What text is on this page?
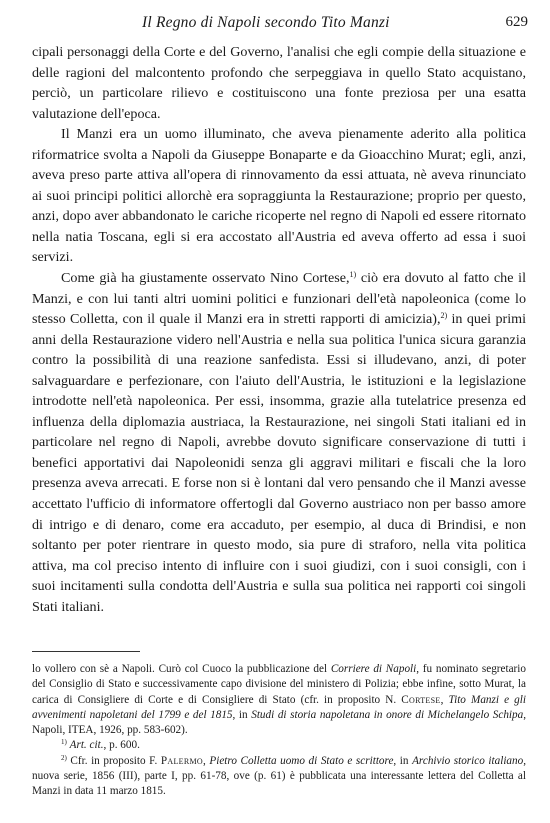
Il Regno di Napoli secondo Tito Manzi	629

cipali personaggi della Corte e del Governo, l'analisi che egli compie della situazione e delle ragioni del malcontento profondo che serpeggiava in quello Stato acquistano, perciò, un particolare rilievo e costituiscono una fonte preziosa per una esatta valutazione dell'epoca.

Il Manzi era un uomo illuminato, che aveva pienamente aderito alla politica riformatrice svolta a Napoli da Giuseppe Bonaparte e da Gioacchino Murat; egli, anzi, aveva preso parte attiva all'opera di rinnovamento da essi attuata, nè aveva rinunciato ai suoi principi politici allorchè era sopraggiunta la Restaurazione; proprio per questo, anzi, dopo aver abbandonato le cariche ricoperte nel regno di Napoli ed essere ritornato nella natia Toscana, egli si era accostato all'Austria ed aveva offerto ad essa i suoi servizi.

Come già ha giustamente osservato Nino Cortese,$^{1)}$ ciò era dovuto al fatto che il Manzi, e con lui tanti altri uomini politici e funzionari dell'età napoleonica (come lo stesso Colletta, con il quale il Manzi era in stretti rapporti di amicizia),$^{2)}$ in quei primi anni della Restaurazione videro nell'Austria e nella sua politica l'unica sicura garanzia contro la possibilità di una reazione sanfedista. Essi si illudevano, anzi, di poter salvaguardare e perfezionare, con l'aiuto dell'Austria, le istituzioni e la legislazione introdotte nell'età napoleonica. Per essi, insomma, grazie alla tutelatrice presenza ed influenza della diplomazia austriaca, la Restaurazione, nei singoli Stati italiani ed in particolare nel regno di Napoli, avrebbe dovuto significare conservazione di tutti i benefici apportativi dai Napoleonidi senza gli aggravi militari e fiscali che la loro presenza aveva arrecati. E forse non si è lontani dal vero pensando che il Manzi avesse accettato l'ufficio di informatore offertogli dal Governo austriaco non per basso amore di intrigo e di denaro, come era accaduto, per esempio, al duca di Brindisi, e non soltanto per poter rientrare in questo modo, sia pure di straforo, nella vita politica attiva, ma col preciso intento di influire con i suoi giudizi, con i suoi consigli, con i suoi incitamenti sulla condotta dell'Austria e sulla sua politica nei rapporti coi singoli Stati italiani.

lo vollero con sè a Napoli. Curò col Cuoco la pubblicazione del Corriere di Napoli, fu nominato segretario del Consiglio di Stato e successivamente capo divisione del ministero di Polizia; ebbe infine, sotto Murat, la carica di Consigliere di Corte e di Consigliere di Stato (cfr. in proposito N. Cortese, Tito Manzi e gli avvenimenti napoletani del 1799 e del 1815, in Studi di storia napoletana in onore di Michelangelo Schipa, Napoli, ITEA, 1926, pp. 583-602).

$^{1)}$ Art. cit., p. 600.

$^{2)}$ Cfr. in proposito F. Palermo, Pietro Colletta uomo di Stato e scrittore, in Archivio storico italiano, nuova serie, 1856 (III), parte I, pp. 61-78, ove (p. 61) è pubblicata una interessante lettera del Colletta al Manzi in data 11 marzo 1815.
